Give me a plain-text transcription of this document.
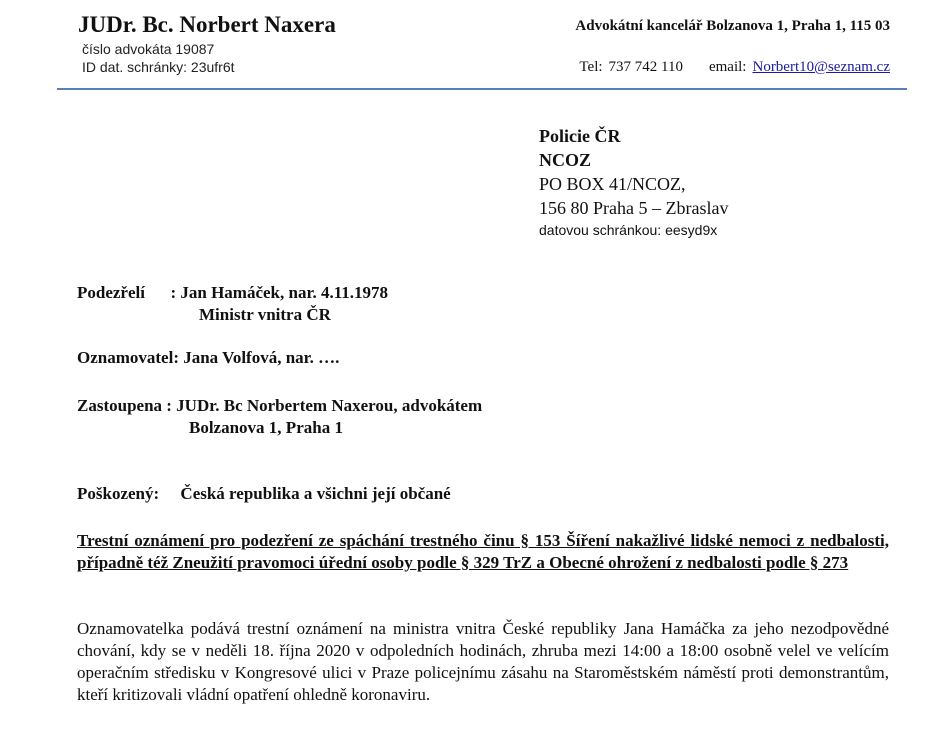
JUDr. Bc. Norbert Naxera
číslo advokáta 19087
ID dat. schránky: 23ufr6t
Advokátní kancelář Bolzanova 1, Praha 1, 115 03
Tel: 737 742 110 email: Norbert10@seznam.cz
Policie ČR
NCOZ
PO BOX 41/NCOZ,
156 80 Praha 5 – Zbraslav
datovou schránkou: eesyd9x
Podezřelí      : Jan Hamáček, nar. 4.11.1978
Ministr vnitra ČR
Oznamovatel: Jana Volfová, nar. ….
Zastoupena : JUDr. Bc Norbertem Naxerou, advokátem
Bolzanova 1, Praha 1
Poškozený:     Česká republika a všichni její občané
Trestní oznámení pro podezření ze spáchání trestného činu § 153 Šíření nakažlivé lidské nemoci z nedbalosti, případně též Zneužití pravomoci úřední osoby podle § 329 TrZ a Obecné ohrožení z nedbalosti podle § 273
Oznamovatelka podává trestní oznámení na ministra vnitra České republiky Jana Hamáčka za jeho nezodpovědné chování, kdy se v neděli 18. října 2020 v odpoledních hodinách, zhruba mezi 14:00 a 18:00 osobně velel ve velícím operačním středisku v Kongresové ulici v Praze policejnímu zásahu na Staroměstském náměstí proti demonstrantům, kteří kritizovali vládní opatření ohledně koronaviru.
